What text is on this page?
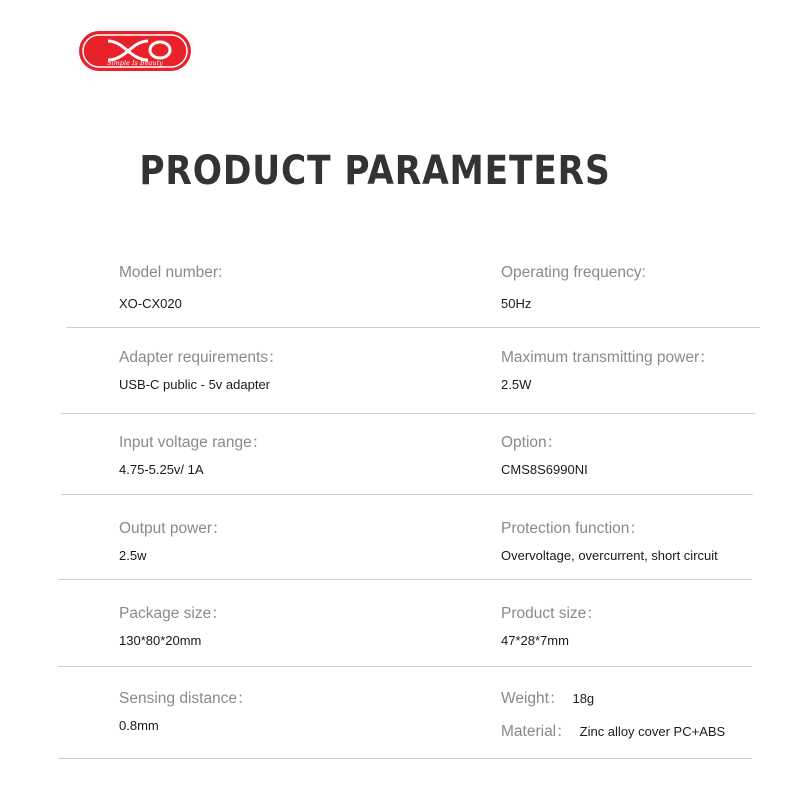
Simple Is Beauty
PRODUCT PARAMETERS
Model number:
XO-CX020
Operating frequency:
50Hz
Adapter requirements：
USB-C public - 5v adapter
Maximum transmitting power：
2.5W
Input voltage range：
4.75-5.25v/ 1A
Option：
CMS8S6990NI
Output power：
2.5w
Protection function：
Overvoltage, overcurrent, short circuit
Package size：
130*80*20mm
Product size：
47*28*7mm
Sensing distance：
0.8mm
Weight： 18g
Material： Zinc alloy cover PC+ABS
